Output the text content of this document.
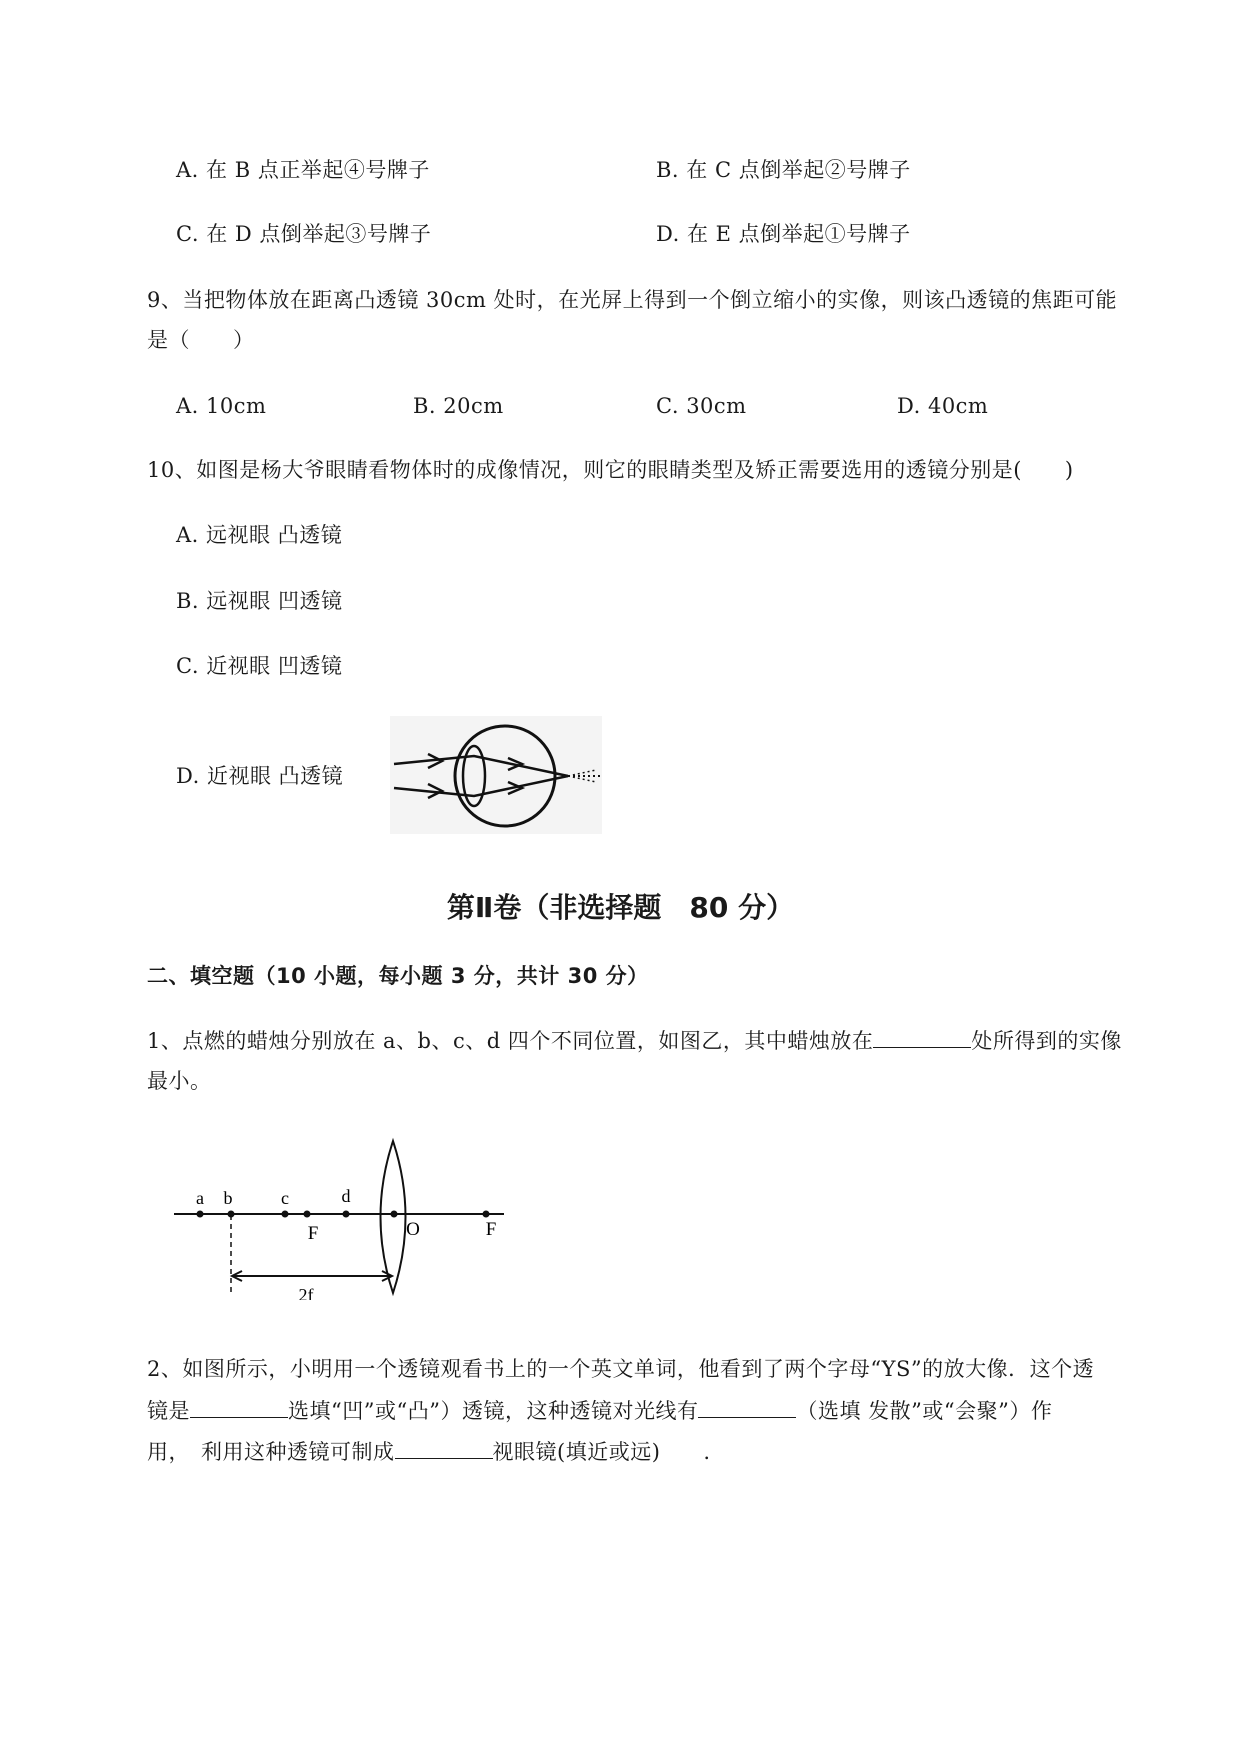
A. 在 B 点正举起④号牌子	B. 在 C 点倒举起②号牌子
C. 在 D 点倒举起③号牌子	D. 在 E 点倒举起①号牌子
9、当把物体放在距离凸透镜 30cm 处时，在光屏上得到一个倒立缩小的实像，则该凸透镜的焦距可能
是（　　）
A. 10cm	B. 20cm	C. 30cm	D. 40cm
10、如图是杨大爷眼睛看物体时的成像情况，则它的眼睛类型及矫正需要选用的透镜分别是(　　)
A. 远视眼 凸透镜
B. 远视眼 凹透镜
C. 近视眼 凹透镜
D. 近视眼 凸透镜
第Ⅱ卷（非选择题　80 分）
二、填空题（10 小题，每小题 3 分，共计 30 分）
1、点燃的蜡烛分别放在 a、b、c、d 四个不同位置，如图乙，其中蜡烛放在	处所得到的实像
最小。
a b	c	d
F	O	F
2f
2、如图所示，小明用一个透镜观看书上的一个英文单词，他看到了两个字母“YS”的放大像．这个透
镜是	选填“凹”或“凸”）透镜，这种透镜对光线有	（选填 发散”或“会聚”）作
用，　利用这种透镜可制成	视眼镜(填近或远)　　.
